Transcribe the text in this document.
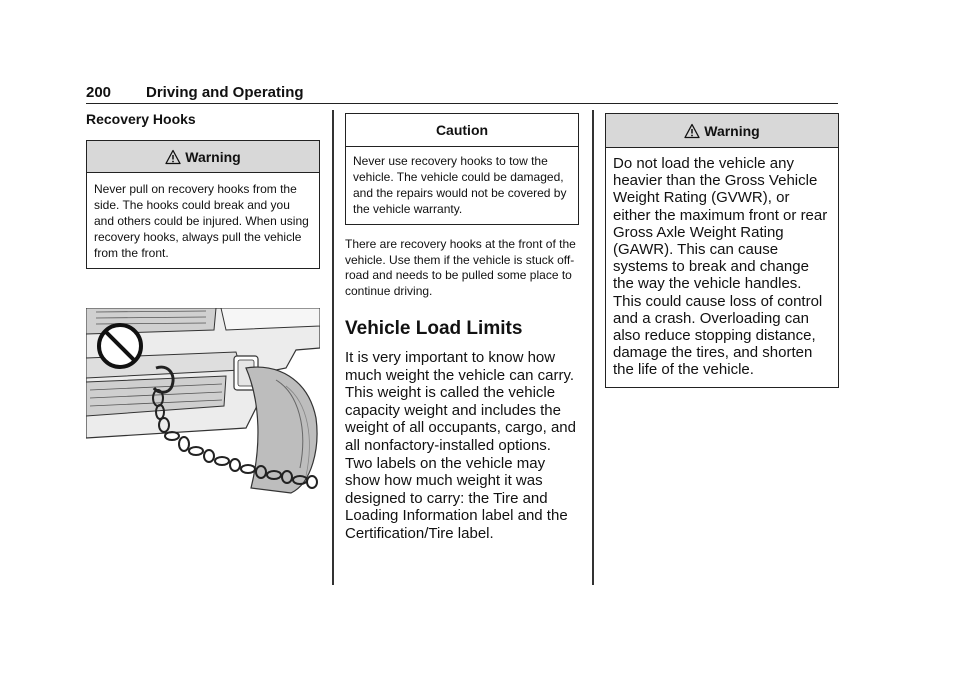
200 Driving and Operating
Recovery Hooks
Warning
Never pull on recovery hooks from the side. The hooks could break and you and others could be injured. When using recovery hooks, always pull the vehicle from the front.
Caution
Never use recovery hooks to tow the vehicle. The vehicle could be damaged, and the repairs would not be covered by the vehicle warranty.

There are recovery hooks at the front of the vehicle. Use them if the vehicle is stuck off-road and needs to be pulled some place to continue driving.

Vehicle Load Limits

It is very important to know how much weight the vehicle can carry. This weight is called the vehicle capacity weight and includes the weight of all occupants, cargo, and all nonfactory-installed options. Two labels on the vehicle may show how much weight it was designed to carry: the Tire and Loading Information label and the Certification/Tire label.

Warning
Do not load the vehicle any heavier than the Gross Vehicle Weight Rating (GVWR), or either the maximum front or rear Gross Axle Weight Rating (GAWR). This can cause systems to break and change the way the vehicle handles. This could cause loss of control and a crash. Overloading can also reduce stopping distance, damage the tires, and shorten the life of the vehicle.
